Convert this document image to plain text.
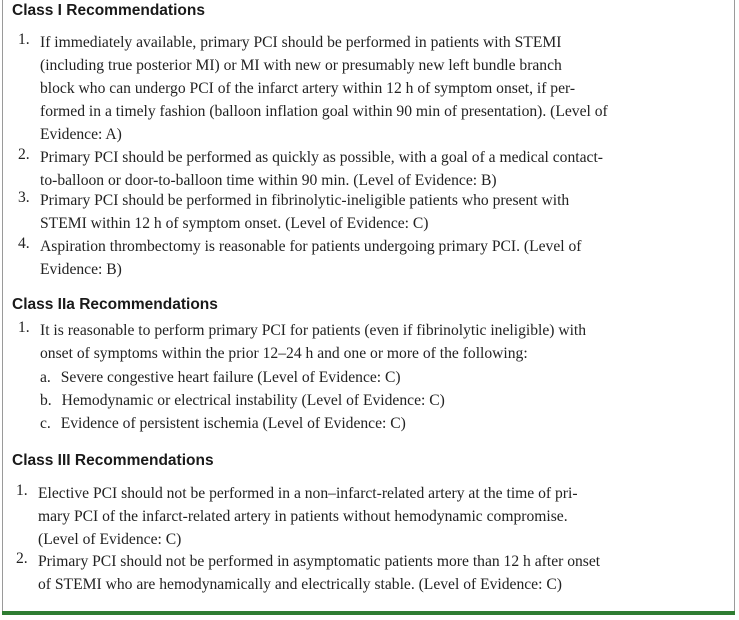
Class I Recommendations
1. If immediately available, primary PCI should be performed in patients with STEMI
(including true posterior MI) or MI with new or presumably new left bundle branch
block who can undergo PCI of the infarct artery within 12 h of symptom onset, if per-
formed in a timely fashion (balloon inflation goal within 90 min of presentation). (Level of
Evidence: A)
2. Primary PCI should be performed as quickly as possible, with a goal of a medical contact-
to-balloon or door-to-balloon time within 90 min. (Level of Evidence: B)
3. Primary PCI should be performed in fibrinolytic-ineligible patients who present with
STEMI within 12 h of symptom onset. (Level of Evidence: C)
4. Aspiration thrombectomy is reasonable for patients undergoing primary PCI. (Level of
Evidence: B)
Class IIa Recommendations
1. It is reasonable to perform primary PCI for patients (even if fibrinolytic ineligible) with
onset of symptoms within the prior 12–24 h and one or more of the following:
a. Severe congestive heart failure (Level of Evidence: C)
b. Hemodynamic or electrical instability (Level of Evidence: C)
c. Evidence of persistent ischemia (Level of Evidence: C)
Class III Recommendations
1. Elective PCI should not be performed in a non–infarct-related artery at the time of pri-
mary PCI of the infarct-related artery in patients without hemodynamic compromise.
(Level of Evidence: C)
2. Primary PCI should not be performed in asymptomatic patients more than 12 h after onset
of STEMI who are hemodynamically and electrically stable. (Level of Evidence: C)
